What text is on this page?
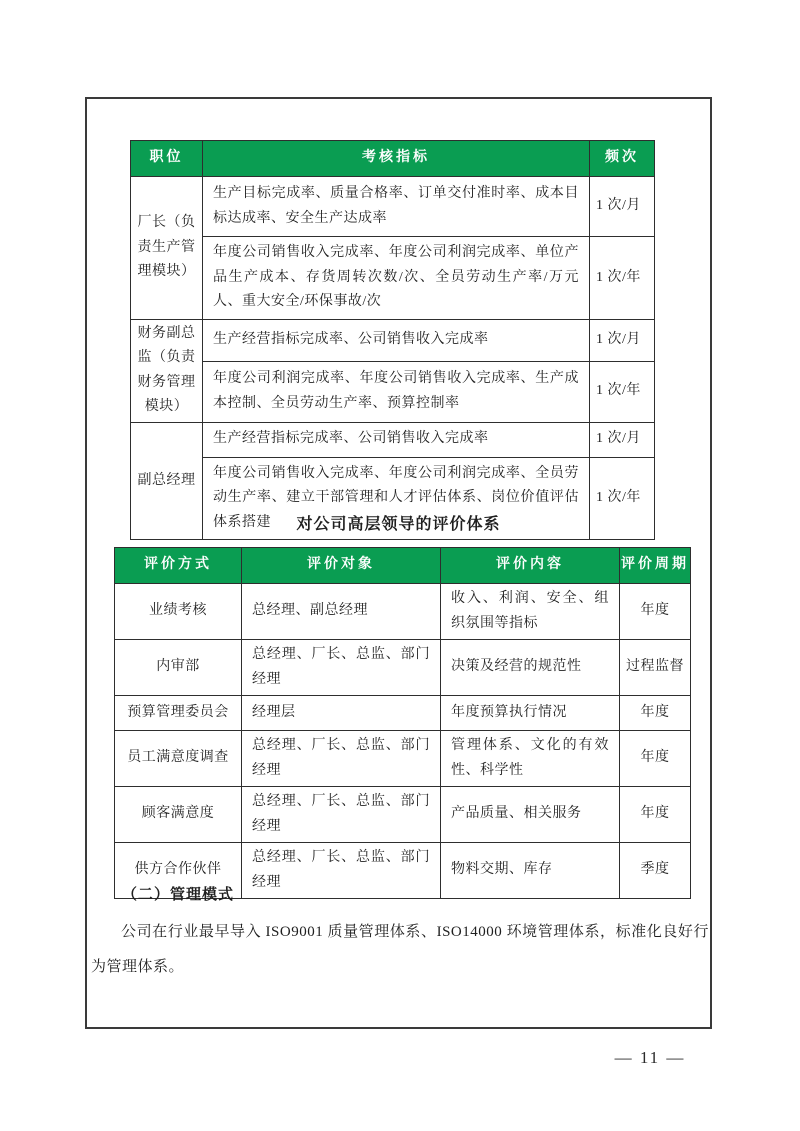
职位	考核指标	频次
厂长（负责生产管理模块）	生产目标完成率、质量合格率、订单交付准时率、成本目标达成率、安全生产达成率	1 次/月
	年度公司销售收入完成率、年度公司利润完成率、单位产品生产成本、存货周转次数/次、全员劳动生产率/万元人、重大安全/环保事故/次	1 次/年
财务副总监（负责财务管理模块）	生产经营指标完成率、公司销售收入完成率	1 次/月
	年度公司利润完成率、年度公司销售收入完成率、生产成本控制、全员劳动生产率、预算控制率	1 次/年
副总经理	生产经营指标完成率、公司销售收入完成率	1 次/月
	年度公司销售收入完成率、年度公司利润完成率、全员劳动生产率、建立干部管理和人才评估体系、岗位价值评估体系搭建	1 次/年
对公司高层领导的评价体系
评价方式	评价对象	评价内容	评价周期
业绩考核	总经理、副总经理	收入、利润、安全、组织氛围等指标	年度
内审部	总经理、厂长、总监、部门经理	决策及经营的规范性	过程监督
预算管理委员会	经理层	年度预算执行情况	年度
员工满意度调查	总经理、厂长、总监、部门经理	管理体系、文化的有效性、科学性	年度
顾客满意度	总经理、厂长、总监、部门经理	产品质量、相关服务	年度
供方合作伙伴	总经理、厂长、总监、部门经理	物料交期、库存	季度
（二）管理模式
公司在行业最早导入 ISO9001 质量管理体系、ISO14000 环境管理体系，标准化良好行为管理体系。
— 11 —
